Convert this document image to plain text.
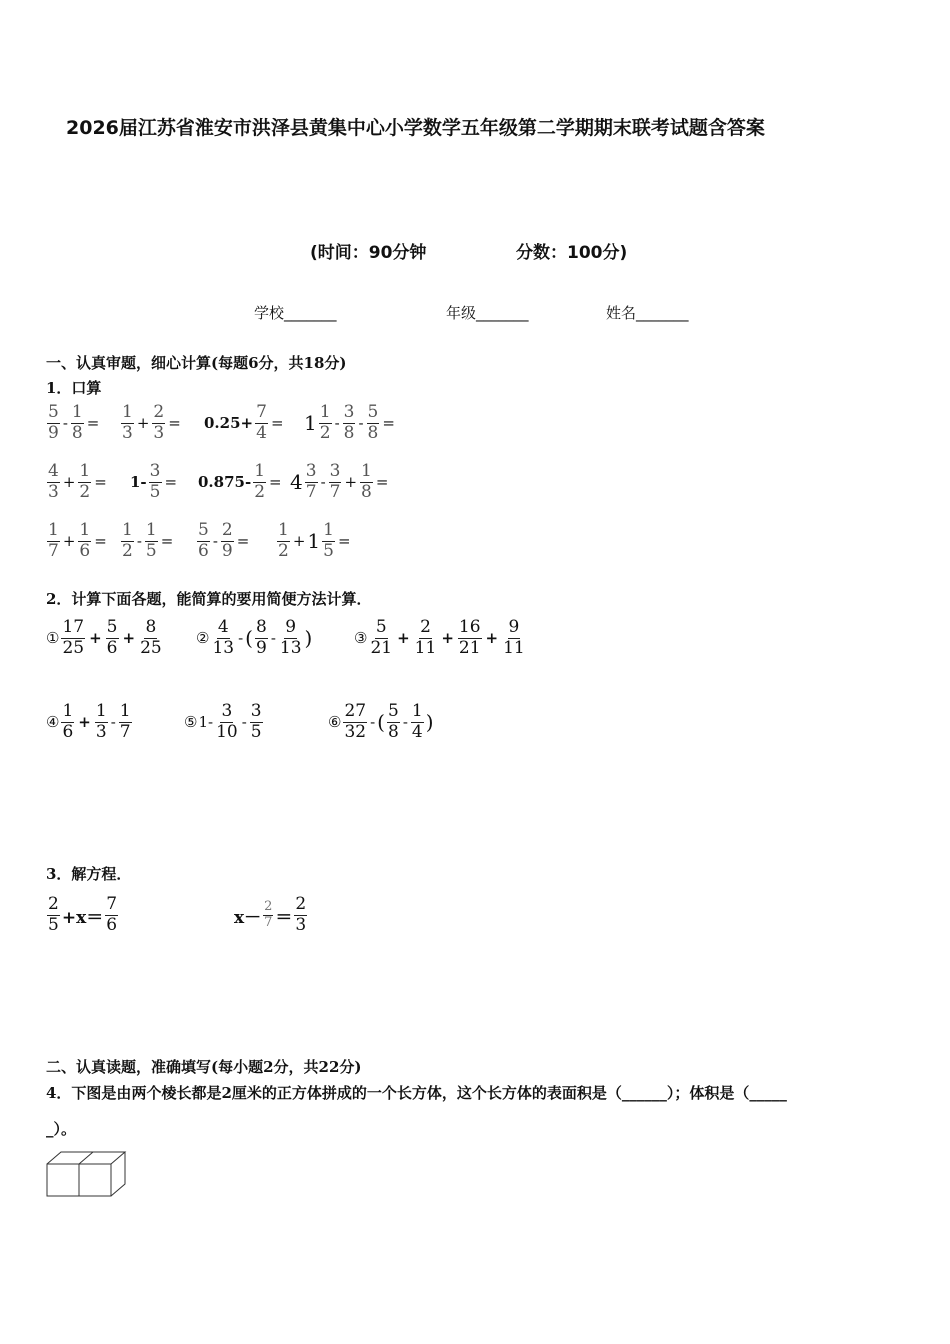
2026届江苏省淮安市洪泽县黄集中心小学数学五年级第二学期期末联考试题含答案
(时间：90分钟	分数：100分)
学校_______	年级_______	姓名_______
一、认真审题，细心计算(每题6分，共18分)
1．口算
$\frac{5}{9} - \frac{1}{8} = \frac{1}{3} + \frac{2}{3} = 0.25+ \frac{7}{4} = 1 \frac{1}{2} - \frac{3}{8} - \frac{5}{8}$ =
$\frac{4}{3} + \frac{1}{2} = 1- \frac{3}{5} = 0.875- \frac{1}{2} = 4 \frac{3}{7} - \frac{3}{7} + \frac{1}{8}$ =
$\frac{1}{7} + \frac{1}{6} = \frac{1}{2} - \frac{1}{5} = \frac{5}{6} - \frac{2}{9} = \frac{1}{2} + 1 \frac{1}{5}$ =
2．计算下面各题，能简算的要用简便方法计算．
① $\frac{17}{25} + \frac{5}{6} + \frac{8}{25}$ ② $\frac{4}{13}$ - ( $\frac{8}{9} - \frac{9}{13}$ )	③ $\frac{5}{21} + \frac{2}{11} + \frac{16}{21} + \frac{9}{11}$
④ $\frac{1}{6} + \frac{1}{3} - \frac{1}{7}$	⑤ $1- \frac{3}{10} - \frac{3}{5}$	⑥ $\frac{27}{32}$ - ( $\frac{5}{8} - \frac{1}{4}$ )
3．解方程．
$\frac{2}{5} +x= \frac{7}{6}$	$x- \frac{2}{7} = \frac{2}{3}$
二、认真读题，准确填写(每小题2分，共22分)
4．下图是由两个棱长都是2厘米的正方体拼成的一个长方体，这个长方体的表面积是（______）；体积是（_____
_）。
